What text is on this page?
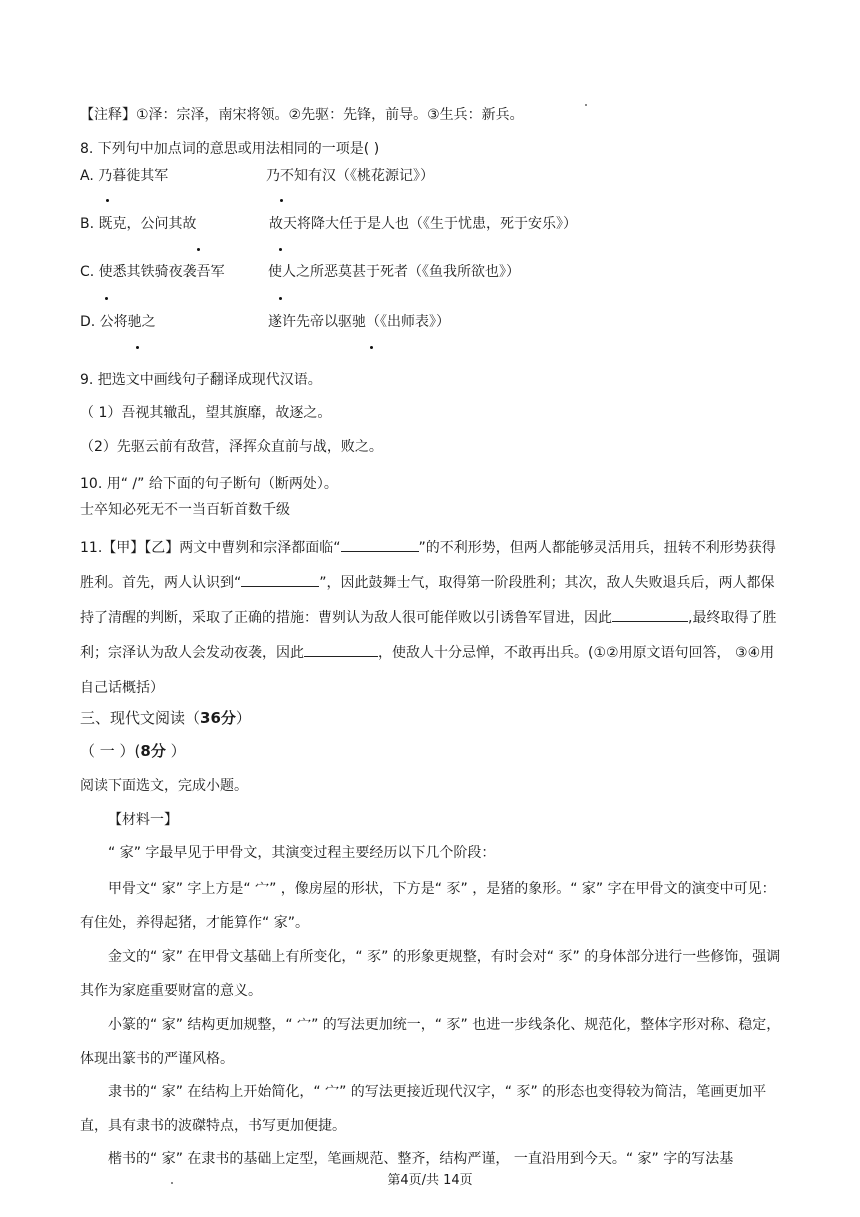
【注释】①泽：宗泽，南宋将领。②先驱：先锋，前导。③生兵：新兵。
8. 下列句中加点词的意思或用法相同的一项是( )
A. 乃暮徙其军	乃不知有汉（《桃花源记》）
B. 既克，公问其故	故天将降大任于是人也（《生于忧患，死于安乐》）
C. 使悉其铁骑夜袭吾军	使人之所恶莫甚于死者（《鱼我所欲也》）
D. 公将驰之	遂许先帝以驱驰（《出师表》）
9. 把选文中画线句子翻译成现代汉语。
（ 1）吾视其辙乱，望其旗靡，故逐之。
（2）先驱云前有敌营，泽挥众直前与战，败之。
10. 用“ /” 给下面的句子断句（断两处）。
士卒知必死无不一当百斩首数千级
11.【甲】【乙】两文中曹刿和宗泽都面临“	”的不利形势，但两人都能够灵活用兵，扭转不利形势获得胜利。首先，两人认识到“	”，因此鼓舞士气，取得第一阶段胜利；其次，敌人失败退兵后，两人都保持了清醒的判断，采取了正确的措施：曹刿认为敌人很可能佯败以引诱鲁军冒进，因此	,最终取得了胜利；宗泽认为敌人会发动夜袭，因此	，使敌人十分忌惮，不敢再出兵。(①②用原文语句回答， ③④用自己话概括）
三、现代文阅读（36分）
（ 一 ）(8分 ）
阅读下面选文，完成小题。
【材料一】
“ 家” 字最早见于甲骨文，其演变过程主要经历以下几个阶段：
甲骨文“ 家” 字上方是“ 宀” ，像房屋的形状，下方是“ 豕” ，是猪的象形。“ 家” 字在甲骨文的演变中可见：有住处，养得起猪，才能算作“ 家”。
金文的“ 家” 在甲骨文基础上有所变化，“ 豕” 的形象更规整，有时会对“ 豕” 的身体部分进行一些修饰，强调其作为家庭重要财富的意义。
小篆的“ 家” 结构更加规整，“ 宀” 的写法更加统一，“ 豕” 也进一步线条化、规范化，整体字形对称、稳定，体现出篆书的严谨风格。
隶书的“ 家” 在结构上开始简化，“ 宀” 的写法更接近现代汉字，“ 豕” 的形态也变得较为简洁，笔画更加平直，具有隶书的波磔特点，书写更加便捷。
楷书的“ 家” 在隶书的基础上定型，笔画规范、整齐，结构严谨， 一直沿用到今天。“ 家” 字的写法基
第4页/共 14页
